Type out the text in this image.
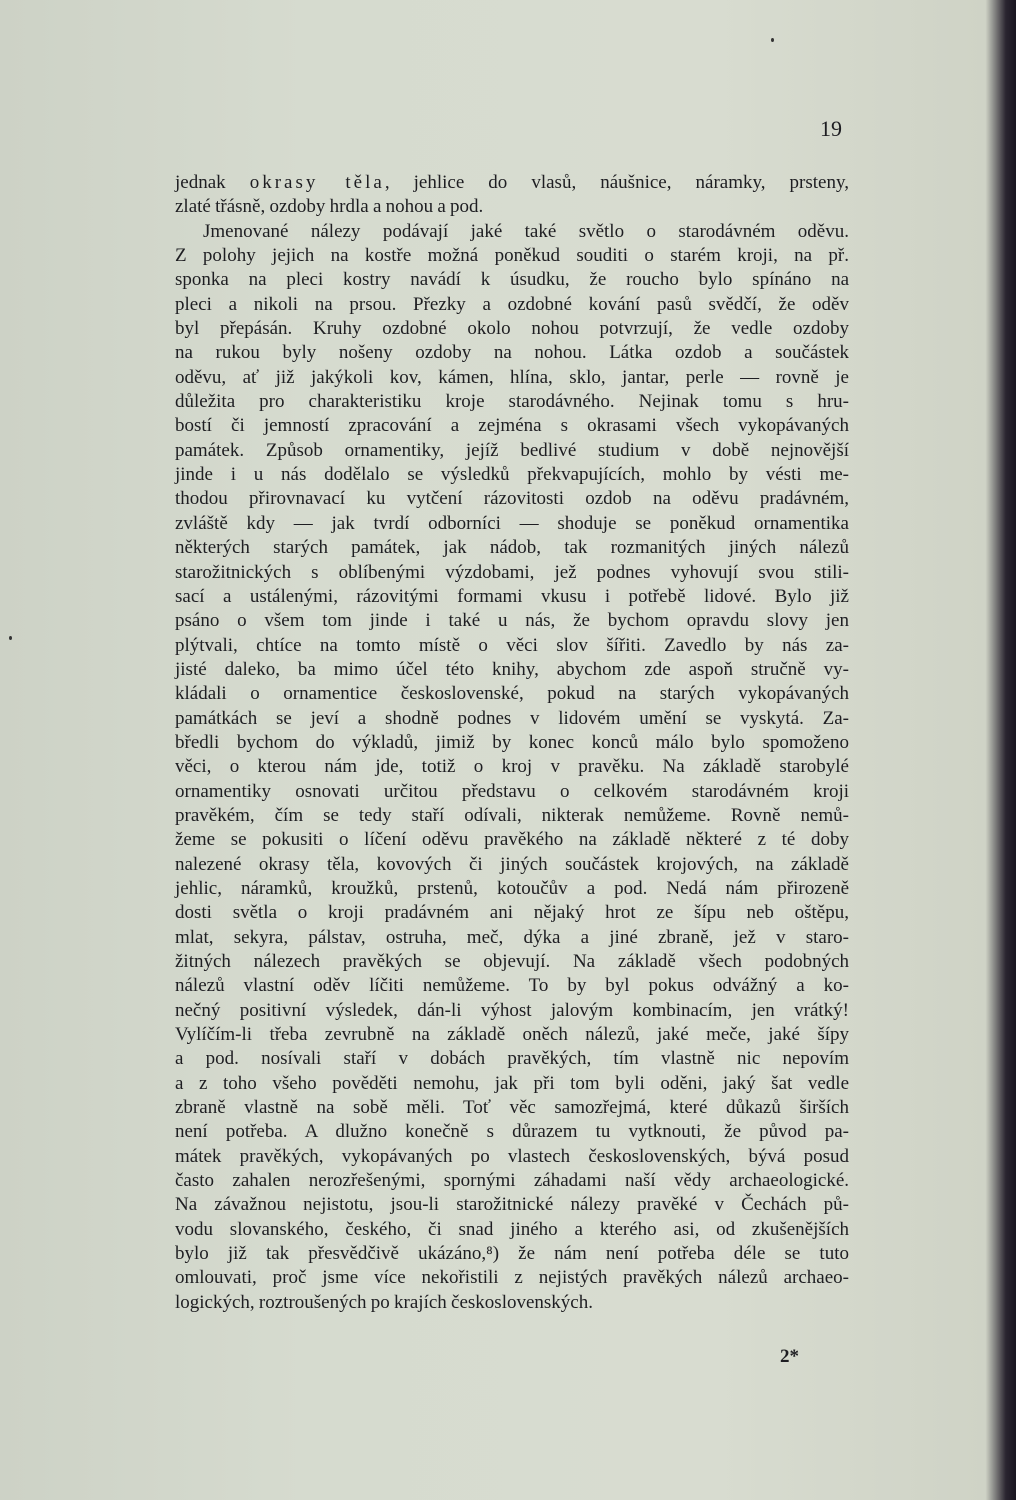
19
jednak okrasy těla, jehlice do vlasů, náušnice, náramky, prsteny,
zlaté třásně, ozdoby hrdla a nohou a pod.
Jmenované nálezy podávají jaké také světlo o starodávném oděvu.
Z polohy jejich na kostře možná poněkud souditi o starém kroji, na př.
sponka na pleci kostry navádí k úsudku, že roucho bylo spínáno na
pleci a nikoli na prsou. Přezky a ozdobné kování pasů svědčí, že oděv
byl přepásán. Kruhy ozdobné okolo nohou potvrzují, že vedle ozdoby
na rukou byly nošeny ozdoby na nohou. Látka ozdob a součástek
oděvu, ať již jakýkoli kov, kámen, hlína, sklo, jantar, perle — rovně je
důležita pro charakteristiku kroje starodávného. Nejinak tomu s hru-
bostí či jemností zpracování a zejména s okrasami všech vykopávaných
památek. Způsob ornamentiky, jejíž bedlivé studium v době nejnovější
jinde i u nás dodělalo se výsledků překvapujících, mohlo by vésti me-
thodou přirovnavací ku vytčení rázovitosti ozdob na oděvu pradávném,
zvláště kdy — jak tvrdí odborníci — shoduje se poněkud ornamentika
některých starých památek, jak nádob, tak rozmanitých jiných nálezů
starožitnických s oblíbenými výzdobami, jež podnes vyhovují svou stili-
sací a ustálenými, rázovitými formami vkusu i potřebě lidové. Bylo již
psáno o všem tom jinde i také u nás, že bychom opravdu slovy jen
plýtvali, chtíce na tomto místě o věci slov šířiti. Zavedlo by nás za-
jisté daleko, ba mimo účel této knihy, abychom zde aspoň stručně vy-
kládali o ornamentice československé, pokud na starých vykopávaných
památkách se jeví a shodně podnes v lidovém umění se vyskytá. Za-
bředli bychom do výkladů, jimiž by konec konců málo bylo spomoženo
věci, o kterou nám jde, totiž o kroj v pravěku. Na základě starobylé
ornamentiky osnovati určitou představu o celkovém starodávném kroji
pravěkém, čím se tedy staří odívali, nikterak nemůžeme. Rovně nemů-
žeme se pokusiti o líčení oděvu pravěkého na základě některé z té doby
nalezené okrasy těla, kovových či jiných součástek krojových, na základě
jehlic, náramků, kroužků, prstenů, kotoučův a pod. Nedá nám přirozeně
dosti světla o kroji pradávném ani nějaký hrot ze šípu neb oštěpu,
mlat, sekyra, pálstav, ostruha, meč, dýka a jiné zbraně, jež v staro-
žitných nálezech pravěkých se objevují. Na základě všech podobných
nálezů vlastní oděv líčiti nemůžeme. To by byl pokus odvážný a ko-
nečný positivní výsledek, dán-li výhost jalovým kombinacím, jen vrátký!
Vylíčím-li třeba zevrubně na základě oněch nálezů, jaké meče, jaké šípy
a pod. nosívali staří v dobách pravěkých, tím vlastně nic nepovím
a z toho všeho pověděti nemohu, jak při tom byli oděni, jaký šat vedle
zbraně vlastně na sobě měli. Toť věc samozřejmá, které důkazů širších
není potřeba. A dlužno konečně s důrazem tu vytknouti, že původ pa-
mátek pravěkých, vykopávaných po vlastech československých, bývá posud
často zahalen nerozřešenými, spornými záhadami naší vědy archaeologické.
Na závažnou nejistotu, jsou-li starožitnické nálezy pravěké v Čechách pů-
vodu slovanského, českého, či snad jiného a kterého asi, od zkušenějších
bylo již tak přesvědčivě ukázáno,⁸) že nám není potřeba déle se tuto
omlouvati, proč jsme více nekořistili z nejistých pravěkých nálezů archaeo-
logických, roztroušených po krajích československých.
2*
